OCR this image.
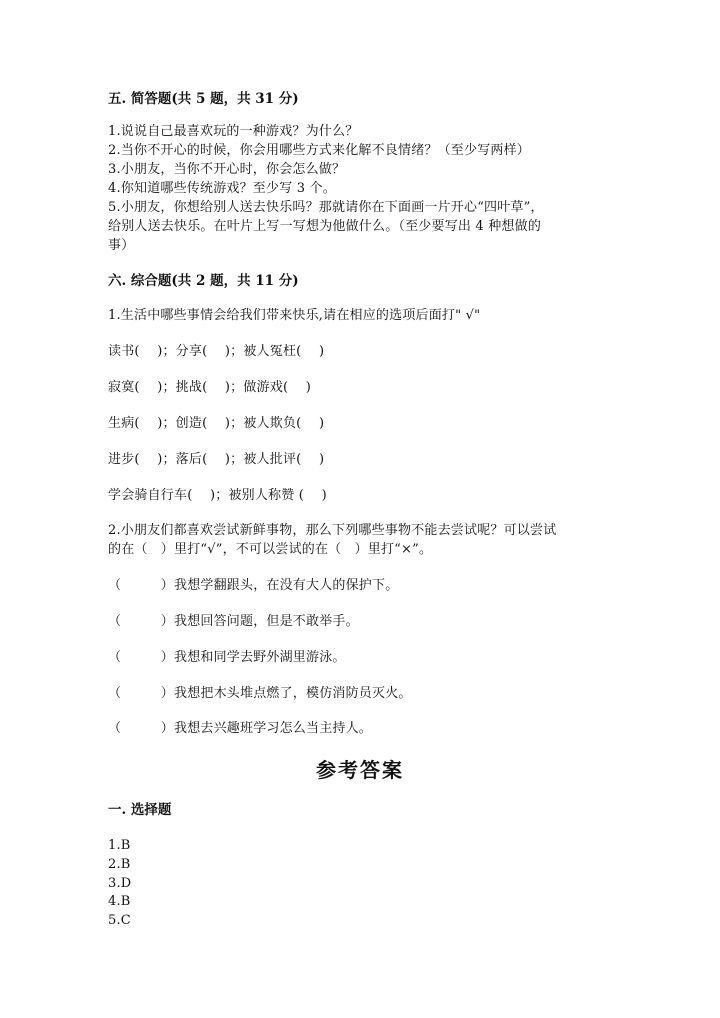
五. 简答题(共 5 题，共 31 分)
1.说说自己最喜欢玩的一种游戏？为什么？
2.当你不开心的时候，你会用哪些方式来化解不良情绪？（至少写两样）
3.小朋友，当你不开心时，你会怎么做？
4.你知道哪些传统游戏？至少写 3 个。
5.小朋友，你想给别人送去快乐吗？那就请你在下面画一片开心“四叶草”，
给别人送去快乐。在叶片上写一写想为他做什么。（至少要写出 4 种想做的
事）
六. 综合题(共 2 题，共 11 分)
1.生活中哪些事情会给我们带来快乐,请在相应的选项后面打" √"
读书(　 )；分享(　 )；被人冤枉(　 )
寂寞(　 )；挑战(　 )；做游戏(　 )
生病(　 )；创造(　 )；被人欺负(　 )
进步(　 )；落后(　 )；被人批评(　 )
学会骑自行车(　 )；被别人称赞 (　 )
2.小朋友们都喜欢尝试新鲜事物，那么下列哪些事物不能去尝试呢？可以尝试
的在（　）里打“√”，不可以尝试的在（　）里打“×”。
（　　　）我想学翻跟头，在没有大人的保护下。
（　　　）我想回答问题，但是不敢举手。
（　　　）我想和同学去野外湖里游泳。
（　　　）我想把木头堆点燃了，模仿消防员灭火。
（　　　）我想去兴趣班学习怎么当主持人。
参考答案
一. 选择题
1.B
2.B
3.D
4.B
5.C
